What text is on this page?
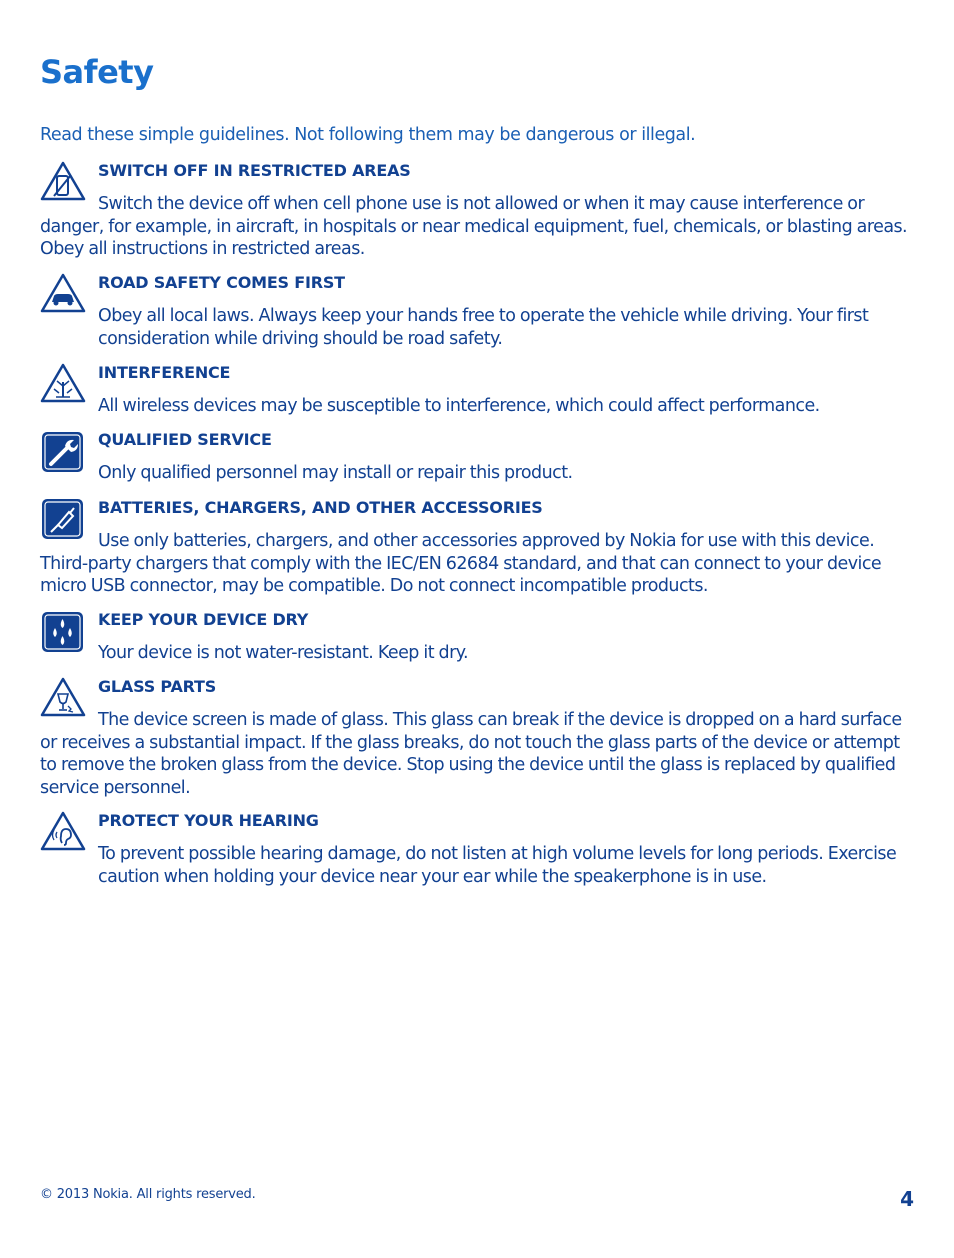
Safety

Read these simple guidelines. Not following them may be dangerous or illegal.

SWITCH OFF IN RESTRICTED AREAS

Switch the device off when cell phone use is not allowed or when it may cause interference or danger, for example, in aircraft, in hospitals or near medical equipment, fuel, chemicals, or blasting areas. Obey all instructions in restricted areas.

ROAD SAFETY COMES FIRST

Obey all local laws. Always keep your hands free to operate the vehicle while driving. Your first consideration while driving should be road safety.

INTERFERENCE

All wireless devices may be susceptible to interference, which could affect performance.

QUALIFIED SERVICE

Only qualified personnel may install or repair this product.

BATTERIES, CHARGERS, AND OTHER ACCESSORIES

Use only batteries, chargers, and other accessories approved by Nokia for use with this device. Third-party chargers that comply with the IEC/EN 62684 standard, and that can connect to your device micro USB connector, may be compatible. Do not connect incompatible products.

KEEP YOUR DEVICE DRY

Your device is not water-resistant. Keep it dry.

GLASS PARTS

The device screen is made of glass. This glass can break if the device is dropped on a hard surface or receives a substantial impact. If the glass breaks, do not touch the glass parts of the device or attempt to remove the broken glass from the device. Stop using the device until the glass is replaced by qualified service personnel.

PROTECT YOUR HEARING

To prevent possible hearing damage, do not listen at high volume levels for long periods. Exercise caution when holding your device near your ear while the speakerphone is in use.

© 2013 Nokia. All rights reserved.	4
